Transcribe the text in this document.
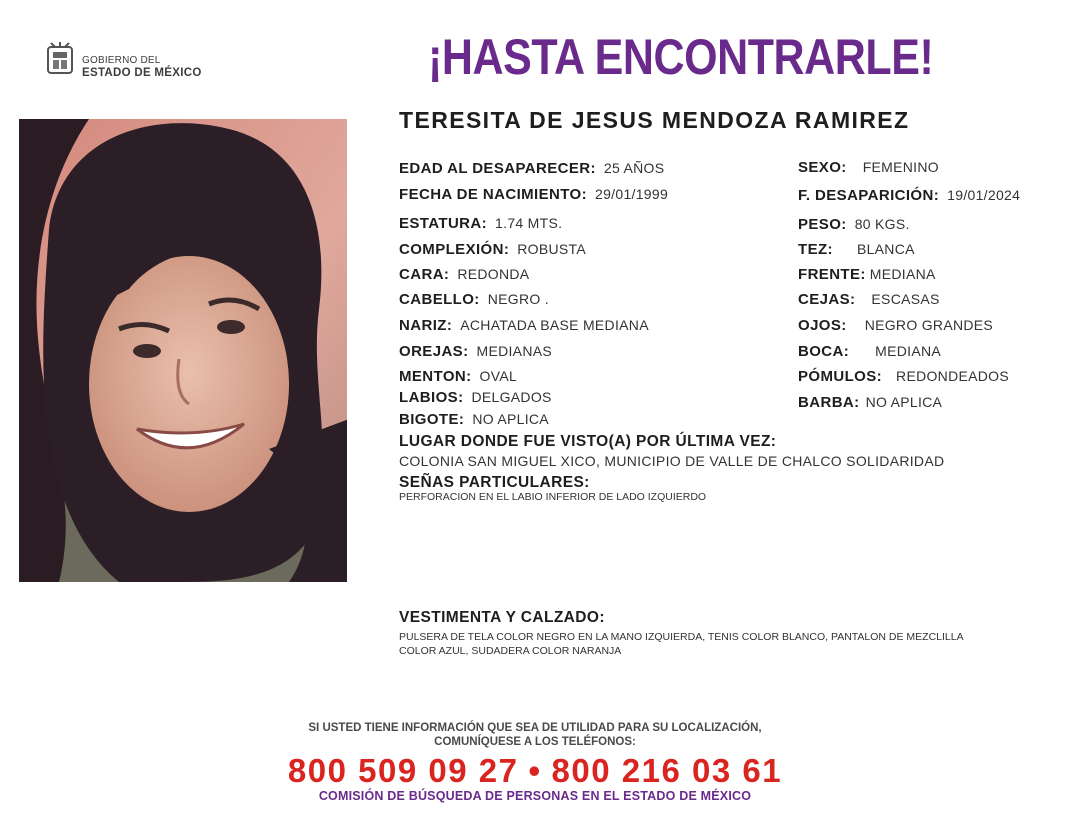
GOBIERNO DEL
ESTADO DE MÉXICO	¡HASTA ENCONTRARLE!
TERESITA DE JESUS MENDOZA RAMIREZ
EDAD AL DESAPARECER: 25 AÑOS
FECHA DE NACIMIENTO: 29/01/1999
ESTATURA: 1.74 MTS.
COMPLEXIÓN: ROBUSTA
CARA: REDONDA
CABELLO: NEGRO .
NARIZ: ACHATADA BASE MEDIANA
OREJAS: MEDIANAS
MENTON: OVAL
LABIOS: DELGADOS
BIGOTE: NO APLICA
SEXO: FEMENINO
F. DESAPARICIÓN: 19/01/2024
PESO: 80 KGS.
TEZ: BLANCA
FRENTE: MEDIANA
CEJAS: ESCASAS
OJOS: NEGRO GRANDES
BOCA: MEDIANA
PÓMULOS: REDONDEADOS
BARBA: NO APLICA
LUGAR DONDE FUE VISTO(A) POR ÚLTIMA VEZ:
COLONIA SAN MIGUEL XICO, MUNICIPIO DE VALLE DE CHALCO SOLIDARIDAD
SEÑAS PARTICULARES:
PERFORACION EN EL LABIO INFERIOR DE LADO IZQUIERDO
VESTIMENTA Y CALZADO:
PULSERA DE TELA COLOR NEGRO EN LA MANO IZQUIERDA, TENIS COLOR BLANCO, PANTALON DE MEZCLILLA
COLOR AZUL, SUDADERA COLOR NARANJA
SI USTED TIENE INFORMACIÓN QUE SEA DE UTILIDAD PARA SU LOCALIZACIÓN,
COMUNÍQUESE A LOS TELÉFONOS:
800 509 09 27 • 800 216 03 61
COMISIÓN DE BÚSQUEDA DE PERSONAS EN EL ESTADO DE MÉXICO
